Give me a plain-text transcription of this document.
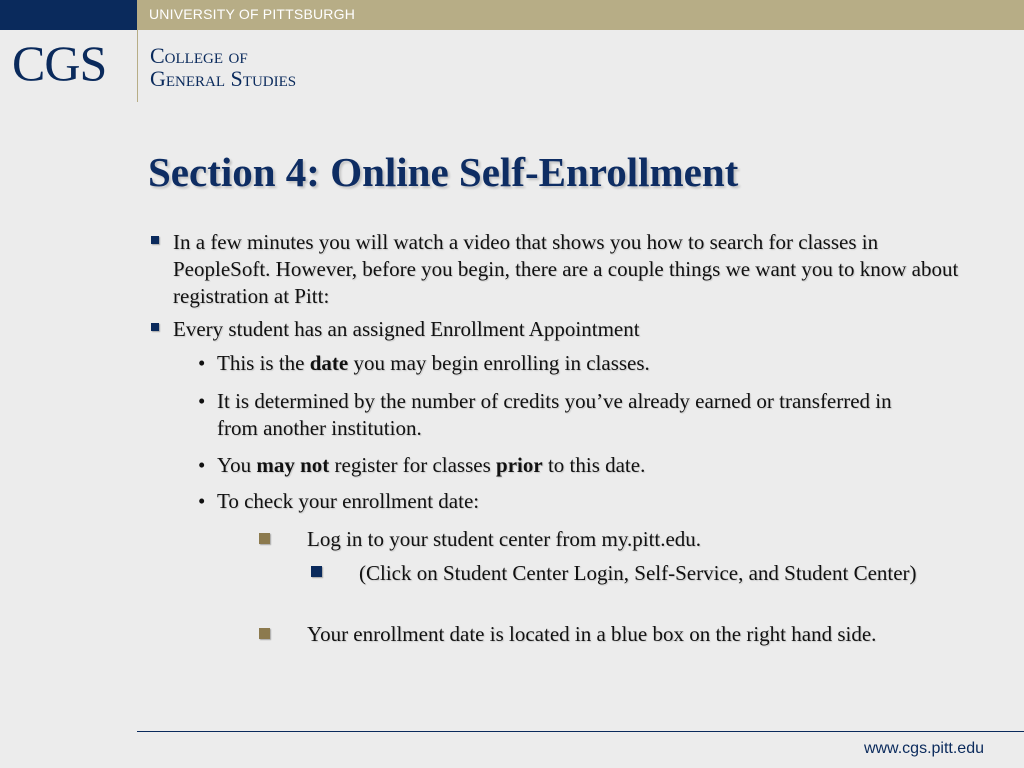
UNIVERSITY OF PITTSBURGH
CGS College of
General Studies
Section 4: Online Self-Enrollment
In a few minutes you will watch a video that shows you how to search for classes in PeopleSoft. However, before you begin, there are a couple things we want you to know about registration at Pitt:
Every student has an assigned Enrollment Appointment
• This is the date you may begin enrolling in classes.
• It is determined by the number of credits you’ve already earned or transferred in from another institution.
• You may not register for classes prior to this date.
• To check your enrollment date:
Log in to your student center from my.pitt.edu.
(Click on Student Center Login, Self-Service, and Student Center)
Your enrollment date is located in a blue box on the right hand side.
www.cgs.pitt.edu
